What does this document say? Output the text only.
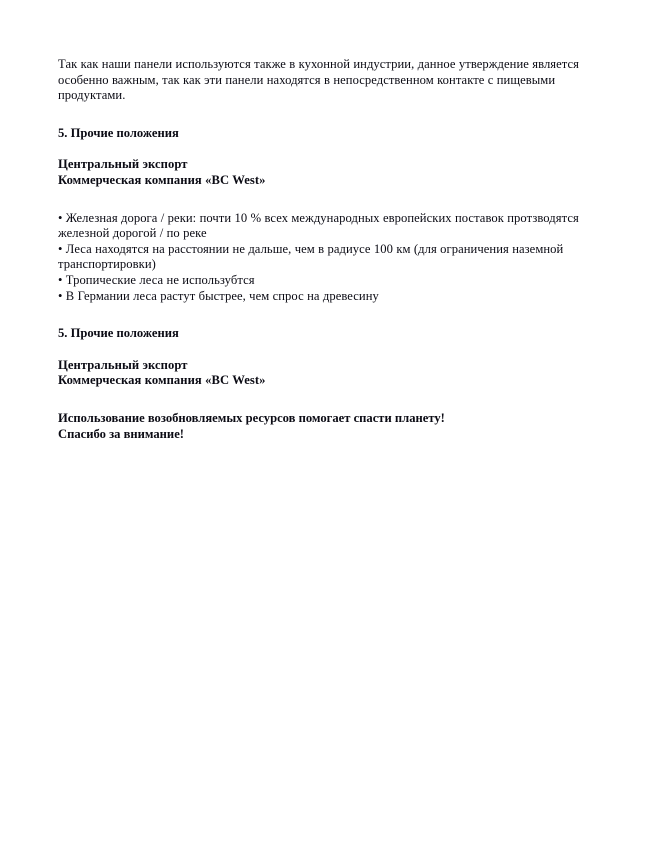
Так как наши панели используются также в кухонной индустрии, данное утверждение является особенно важным, так как эти панели находятся в непосредственном контакте с пищевыми продуктами.

5. Прочие положения
Центральный экспорт
Коммерческая компания «BC West»
• Железная дорога / реки: почти 10 % всех международных европейских поставок протзводятся железной дорогой / по реке
• Леса находятся на расстоянии не дальше, чем в радиусе 100 км (для ограничения наземной транспортировки)
• Тропические леса не использубтся
• В Германии леса растут быстрее, чем спрос на древесину
5. Прочие положения
Центральный экспорт
Коммерческая компания «BC West»
Использование возобновляемых ресурсов помогает спасти планету!
Спасибо за внимание!
